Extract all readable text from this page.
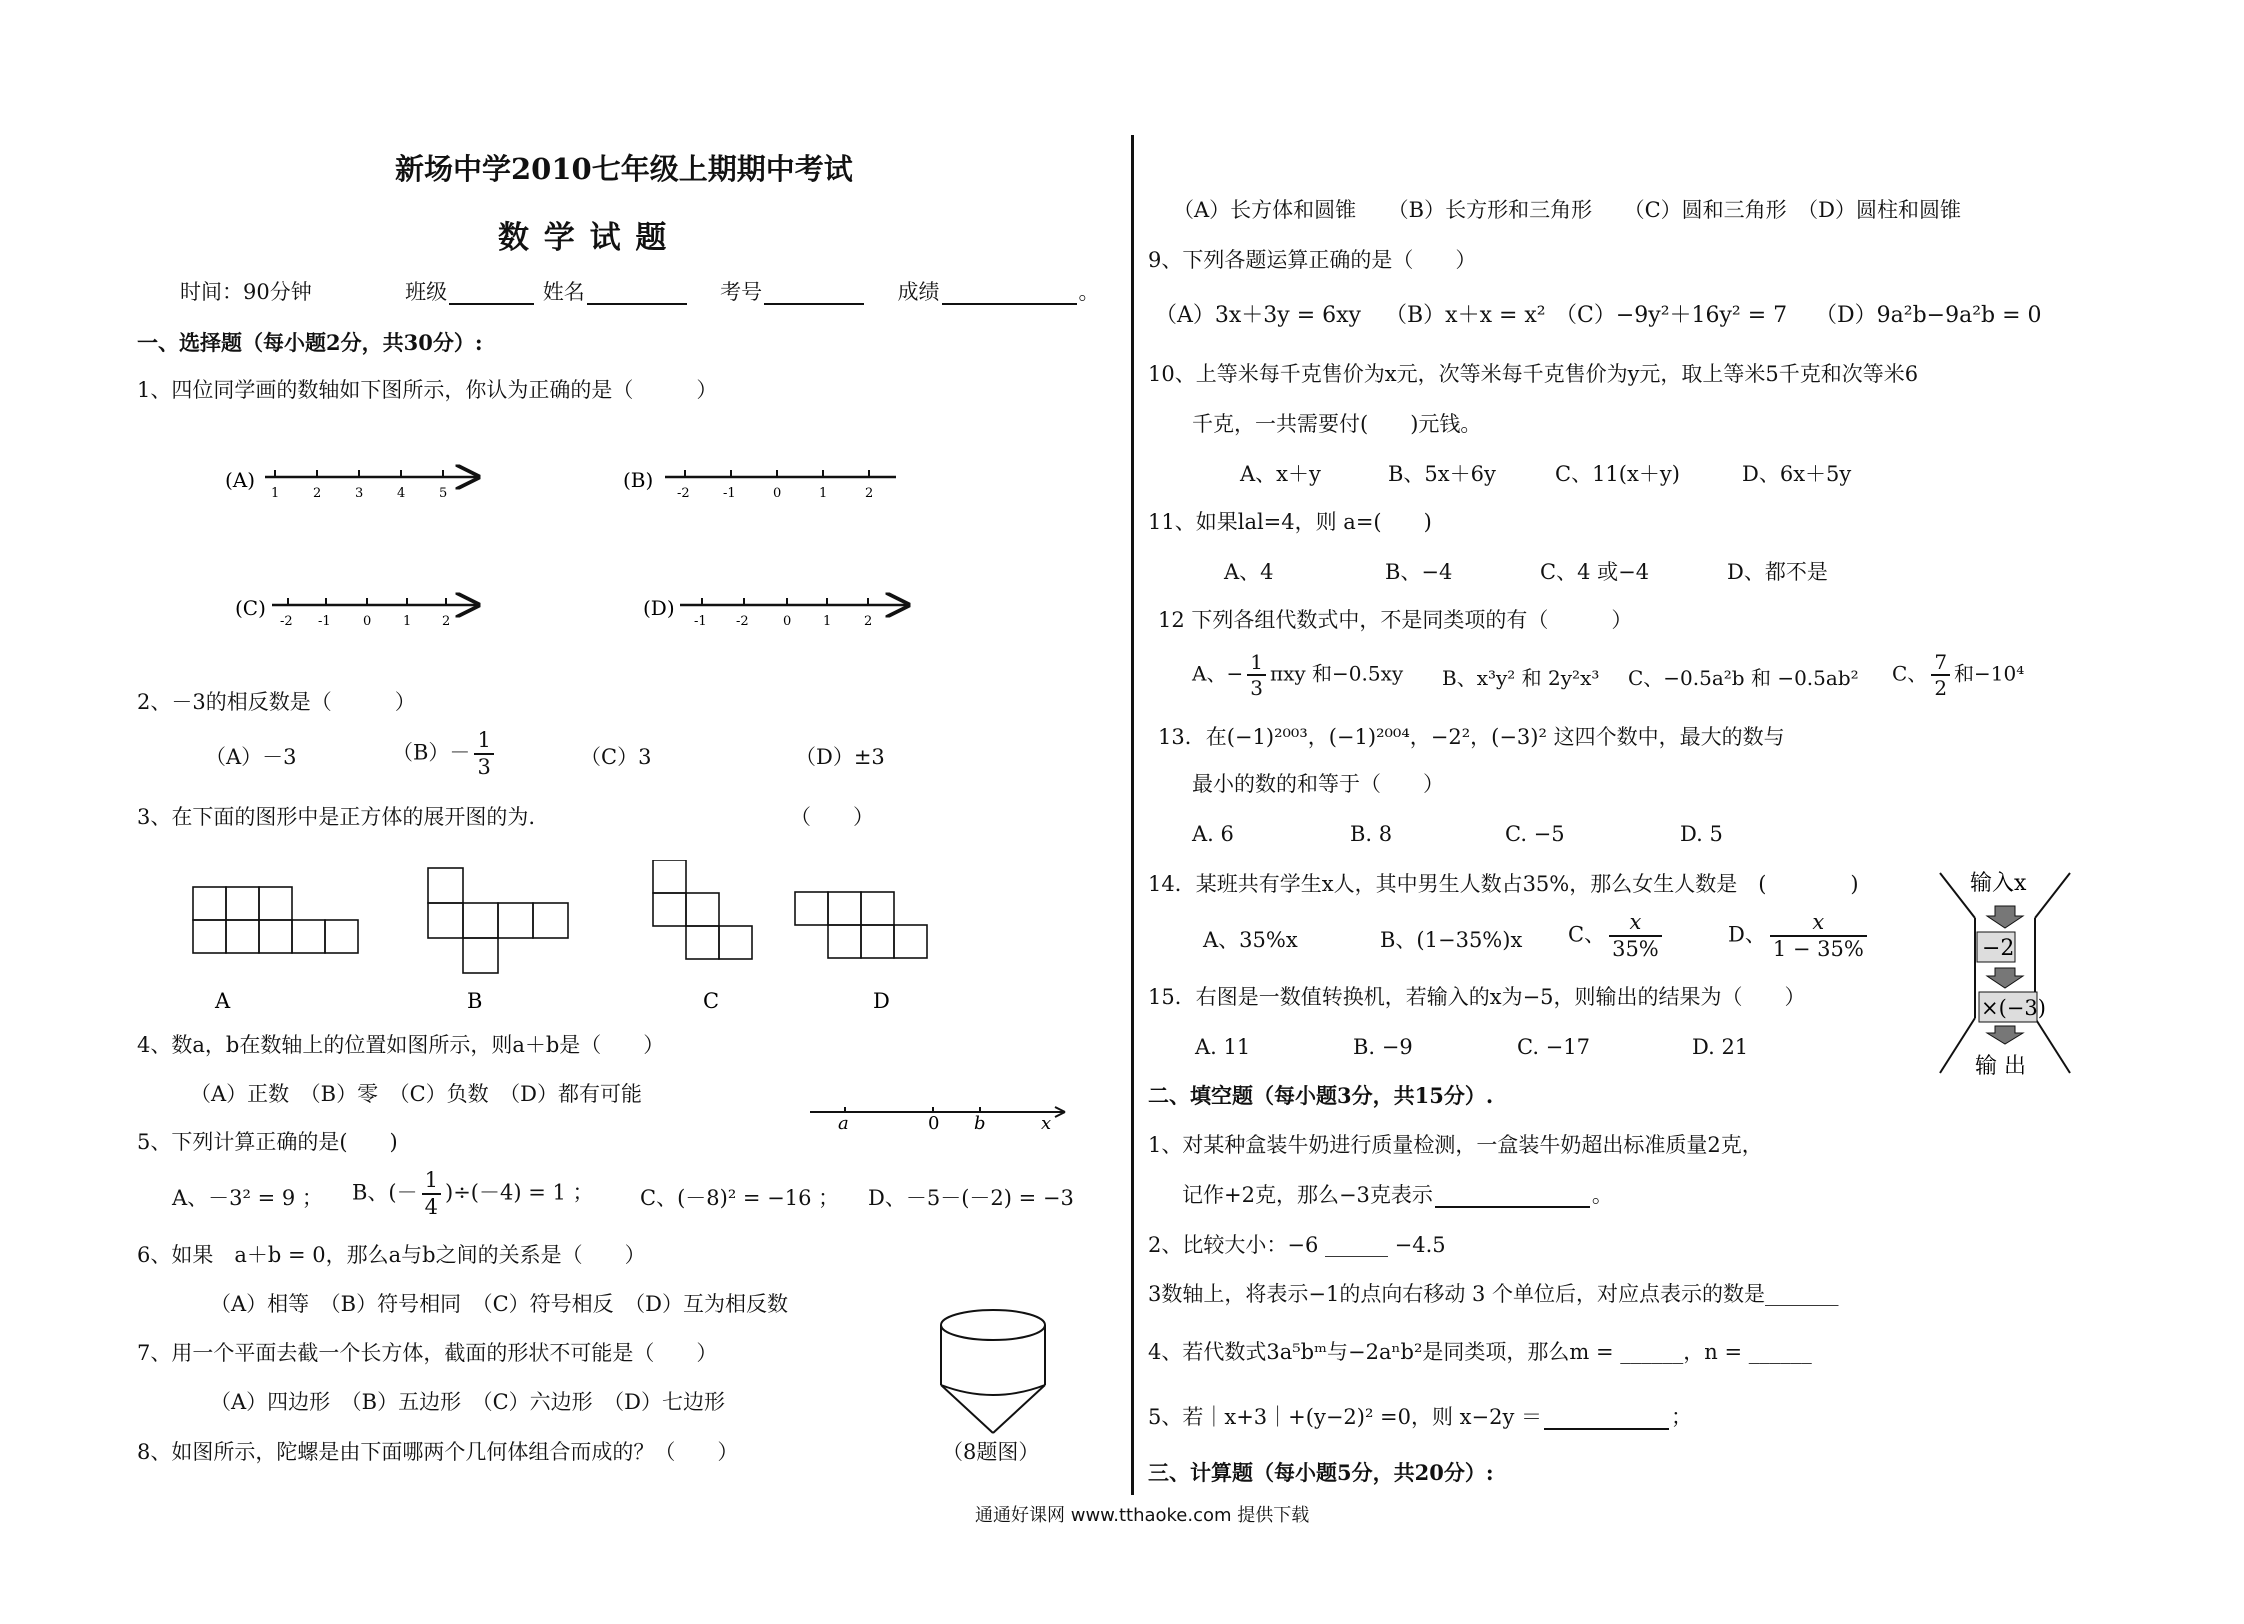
新场中学2010七年级上期期中考试
数 学 试 题
时间：90分钟	班级	姓名	考号	成绩	。
一、选择题（每小题2分，共30分）:
1、四位同学画的数轴如下图所示，你认为正确的是（　　　）
(A)
1	2	3	4	5
(B)
-2	-1	0	1	2
(C)
-2 -1 0 1 2
(D)
-1 -2	0 1	2
2、－3的相反数是（　　　）
（A）－3	$(B)- \frac{1}{3}$	（C）3	（D）±3
3、在下面的图形中是正方体的展开图的为.	（　　）
A	B	C	D
4、数a，b在数轴上的位置如图所示，则a＋b是（　　）
（A）正数　（B）零　（C）负数　（D）都有可能
a	0 b	x
5、下列计算正确的是(　　)
A、－3² = 9 ； B、(－ $\frac{1}{4} )\div(-4) = 1$ ； C、(－8)² = −16 ； D、－5－(－2) = −3
6、如果　a＋b = 0，那么a与b之间的关系是（　　）
（A）相等　（B）符号相同　（C）符号相反　（D）互为相反数
7、用一个平面去截一个长方体，截面的形状不可能是（　　）
（A）四边形　（B）五边形　（C）六边形　（D）七边形
8、如图所示，陀螺是由下面哪两个几何体组合而成的？（　　）	（8题图）
（A）长方体和圆锥　　（B）长方形和三角形　　（C）圆和三角形　（D）圆柱和圆锥
9、下列各题运算正确的是（　　）
（A）3x＋3y = 6xy （B）x＋x = x² （C）−9y²＋16y² = 7 （D）9a²b−9a²b = 0
10、上等米每千克售价为x元，次等米每千克售价为y元，取上等米5千克和次等米6
千克，一共需要付(　　)元钱。
A、x＋y	B、5x＋6y	C、11(x＋y)	D、6x＋5y
11、如果lal=4，则 a=(　　)
A、4	B、−4	C、4 或−4	D、都不是
12 下列各组代数式中，不是同类项的有（　　　）
A、− $\frac{1}{3}$ πxy 和−0.5xy B、x³y² 和 2y²x³ C、−0.5a²b 和 −0.5ab² C、 $\frac{7}{2}$ 和−10⁴
13．在(−1)²⁰⁰³，(−1)²⁰⁰⁴，−2²，(−3)² 这四个数中，最大的数与
最小的数的和等于（　　）
A. 6	B. 8	C. −5	D. 5
14．某班共有学生x人，其中男生人数占35%，那么女生人数是　(　　　　)
A、35%x	B、(1−35%)x C、 $\frac{x}{35\%}$	D、 $\frac{x}{1 - 35\%}$
15．右图是一数值转换机，若输入的x为−5，则输出的结果为（　　）
A. 11	B. −9	C. −17	D. 21
输入x
−2
×(−3)
输 出
二、填空题（每小题3分，共15分）.
1、对某种盒装牛奶进行质量检测，一盒装牛奶超出标准质量2克，
记作+2克，那么−3克表示	。
2、比较大小：−6 ______ −4.5
3数轴上，将表示−1的点向右移动 3 个单位后，对应点表示的数是_______
4、若代数式3a⁵bᵐ与−2aⁿb²是同类项，那么m = ______，n = ______
5、若｜x+3｜+(y−2)² =0，则 x−2y ＝	；
三、计算题（每小题5分，共20分）:
通通好课网 www.tthaoke.com 提供下载
